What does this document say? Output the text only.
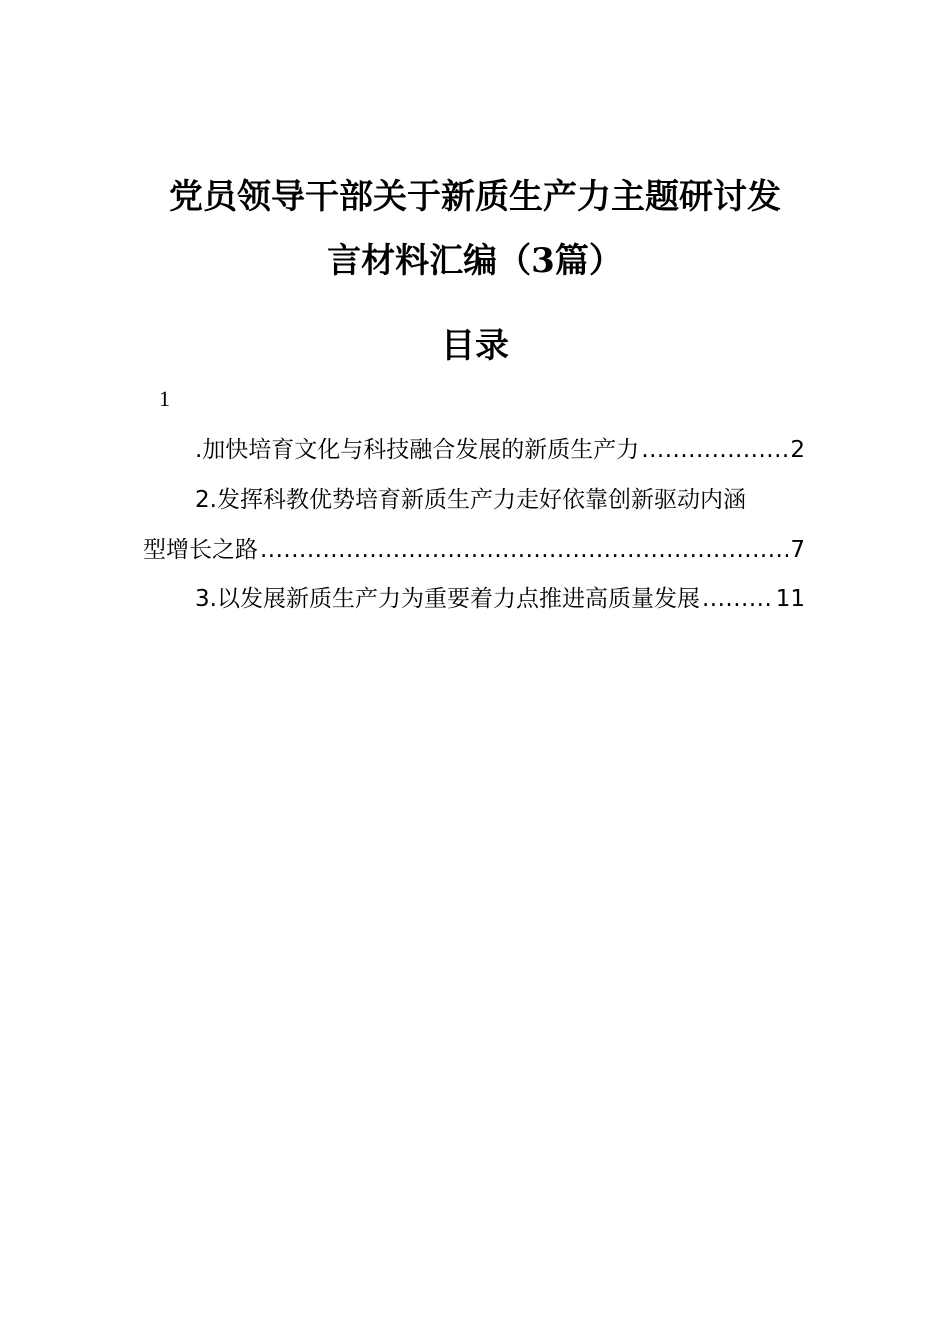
党员领导干部关于新质生产力主题研讨发
言材料汇编（3篇）
目录
1
.加快培育文化与科技融合发展的新质生产力 .....	2
2.发挥科教优势培育新质生产力走好依靠创新驱动内涵
型增长之路 .....	7
3.以发展新质生产力为重要着力点推进高质量发展 .....	11
